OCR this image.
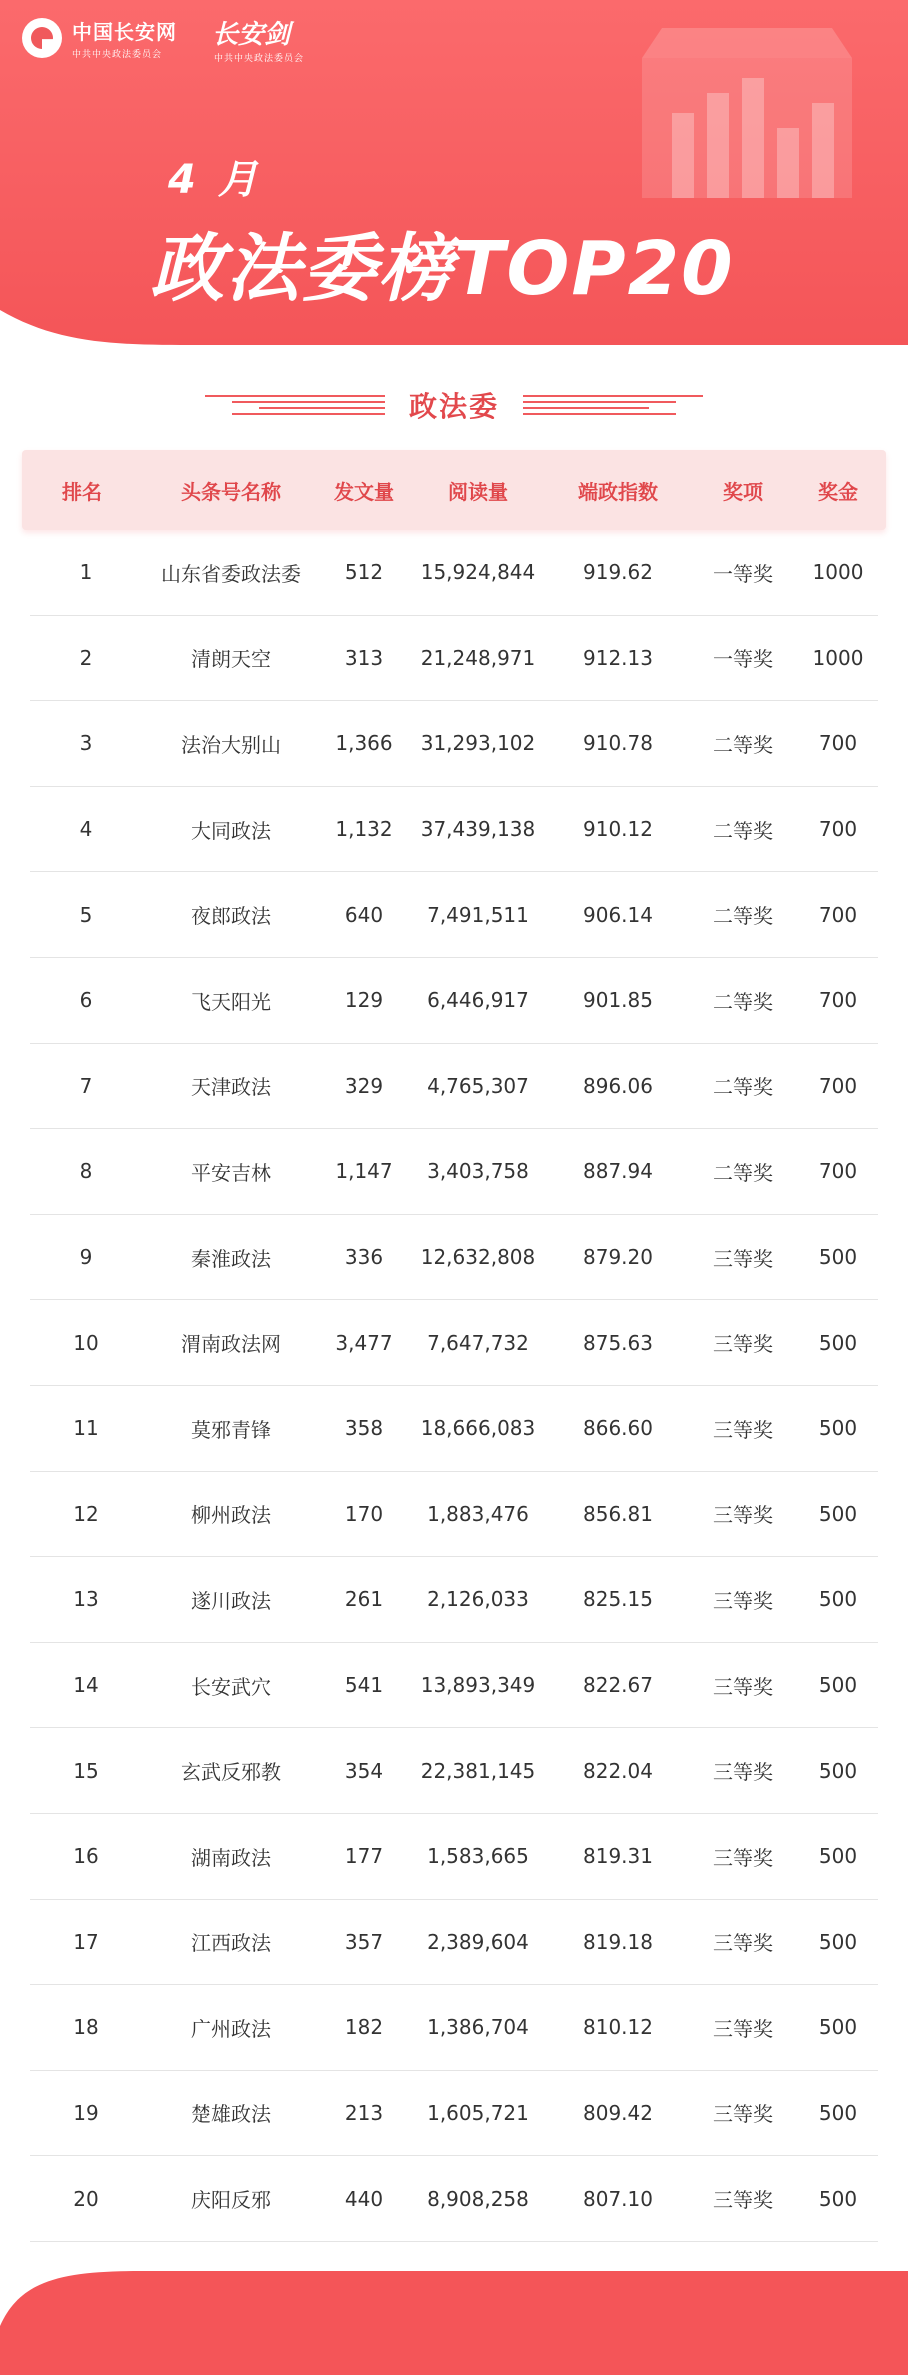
中国长安网
中共中央政法委员会
长安剑
中共中央政法委员会
4 月
政法委榜TOP20
政法委
排名	头条号名称	发文量	阅读量	端政指数	奖项	奖金
1	山东省委政法委	512	15,924,844	919.62	一等奖	1000
2	清朗天空	313	21,248,971	912.13	一等奖	1000
3	法治大别山	1,366	31,293,102	910.78	二等奖	700
4	大同政法	1,132	37,439,138	910.12	二等奖	700
5	夜郎政法	640	7,491,511	906.14	二等奖	700
6	飞天阳光	129	6,446,917	901.85	二等奖	700
7	天津政法	329	4,765,307	896.06	二等奖	700
8	平安吉林	1,147	3,403,758	887.94	二等奖	700
9	秦淮政法	336	12,632,808	879.20	三等奖	500
10	渭南政法网	3,477	7,647,732	875.63	三等奖	500
11	莫邪青锋	358	18,666,083	866.60	三等奖	500
12	柳州政法	170	1,883,476	856.81	三等奖	500
13	遂川政法	261	2,126,033	825.15	三等奖	500
14	长安武穴	541	13,893,349	822.67	三等奖	500
15	玄武反邪教	354	22,381,145	822.04	三等奖	500
16	湖南政法	177	1,583,665	819.31	三等奖	500
17	江西政法	357	2,389,604	819.18	三等奖	500
18	广州政法	182	1,386,704	810.12	三等奖	500
19	楚雄政法	213	1,605,721	809.42	三等奖	500
20	庆阳反邪	440	8,908,258	807.10	三等奖	500
